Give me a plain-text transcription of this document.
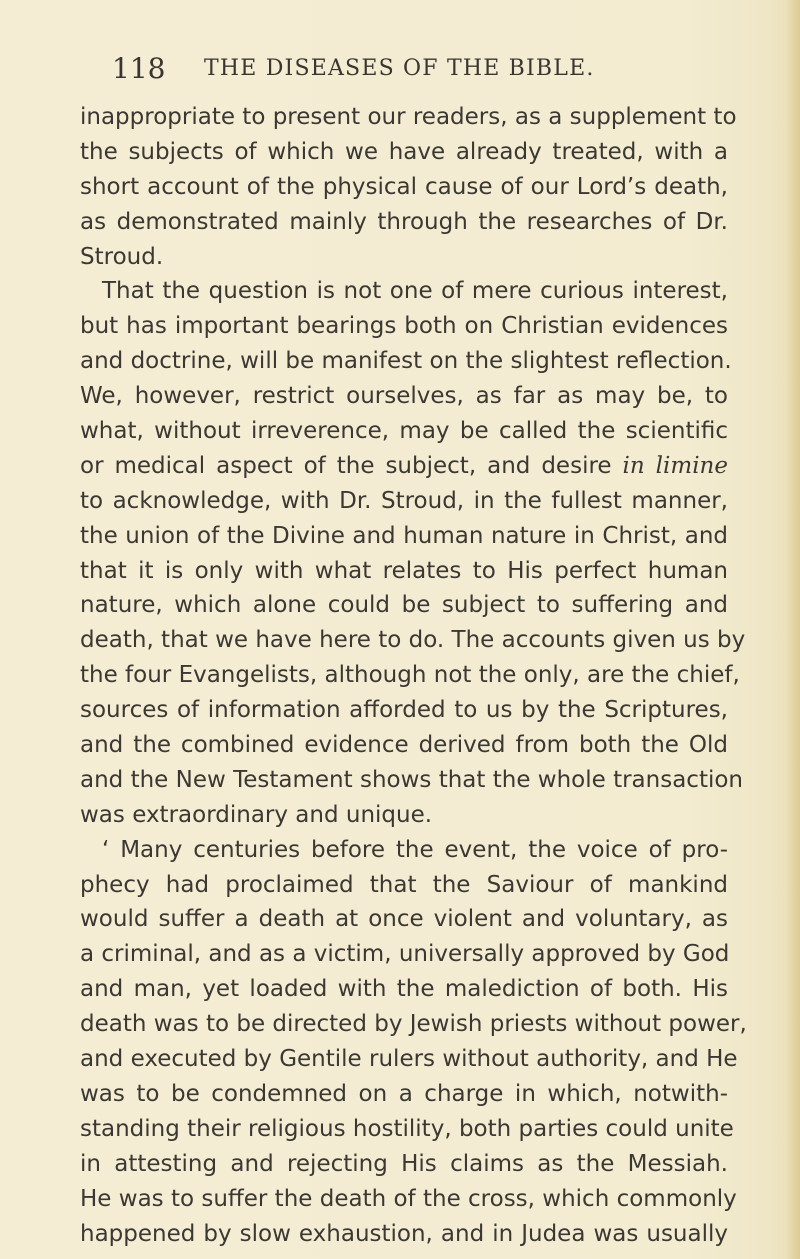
118 THE DISEASES OF THE BIBLE.
inappropriate to present our readers, as a supplement to
the subjects of which we have already treated, with a
short account of the physical cause of our Lord’s death,
as demonstrated mainly through the researches of Dr.
Stroud.
That the question is not one of mere curious interest,
but has important bearings both on Christian evidences
and doctrine, will be manifest on the slightest reflection.
We, however, restrict ourselves, as far as may be, to
what, without irreverence, may be called the scientific
or medical aspect of the subject, and desire in limine
to acknowledge, with Dr. Stroud, in the fullest manner,
the union of the Divine and human nature in Christ, and
that it is only with what relates to His perfect human
nature, which alone could be subject to suffering and
death, that we have here to do. The accounts given us by
the four Evangelists, although not the only, are the chief,
sources of information afforded to us by the Scriptures,
and the combined evidence derived from both the Old
and the New Testament shows that the whole transaction
was extraordinary and unique.
‘ Many centuries before the event, the voice of pro-
phecy had proclaimed that the Saviour of mankind
would suffer a death at once violent and voluntary, as
a criminal, and as a victim, universally approved by God
and man, yet loaded with the malediction of both. His
death was to be directed by Jewish priests without power,
and executed by Gentile rulers without authority, and He
was to be condemned on a charge in which, notwith-
standing their religious hostility, both parties could unite
in attesting and rejecting His claims as the Messiah.
He was to suffer the death of the cross, which commonly
happened by slow exhaustion, and in Judea was usually
